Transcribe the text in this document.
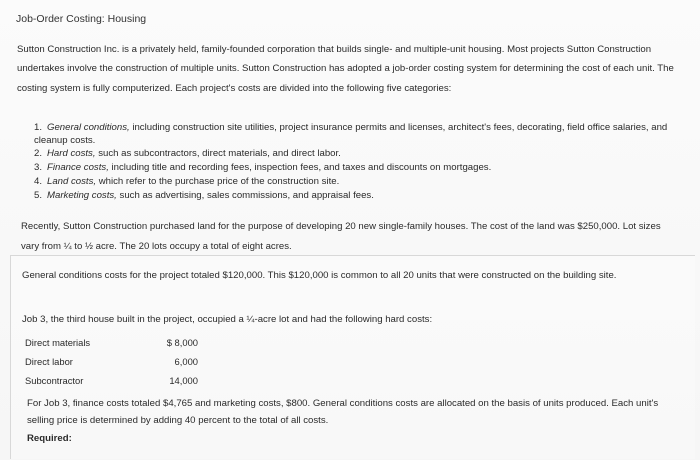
Job-Order Costing: Housing
Sutton Construction Inc. is a privately held, family-founded corporation that builds single- and multiple-unit housing. Most projects Sutton Construction undertakes involve the construction of multiple units. Sutton Construction has adopted a job-order costing system for determining the cost of each unit. The costing system is fully computerized. Each project's costs are divided into the following five categories:
1. General conditions, including construction site utilities, project insurance permits and licenses, architect's fees, decorating, field office salaries, and cleanup costs.
2. Hard costs, such as subcontractors, direct materials, and direct labor.
3. Finance costs, including title and recording fees, inspection fees, and taxes and discounts on mortgages.
4. Land costs, which refer to the purchase price of the construction site.
5. Marketing costs, such as advertising, sales commissions, and appraisal fees.
Recently, Sutton Construction purchased land for the purpose of developing 20 new single-family houses. The cost of the land was $250,000. Lot sizes vary from ¼ to ½ acre. The 20 lots occupy a total of eight acres.
General conditions costs for the project totaled $120,000. This $120,000 is common to all 20 units that were constructed on the building site.
Job 3, the third house built in the project, occupied a ¼-acre lot and had the following hard costs:
Direct materials	$ 8,000
Direct labor	6,000
Subcontractor	14,000
For Job 3, finance costs totaled $4,765 and marketing costs, $800. General conditions costs are allocated on the basis of units produced. Each unit's selling price is determined by adding 40 percent to the total of all costs.
Required:
